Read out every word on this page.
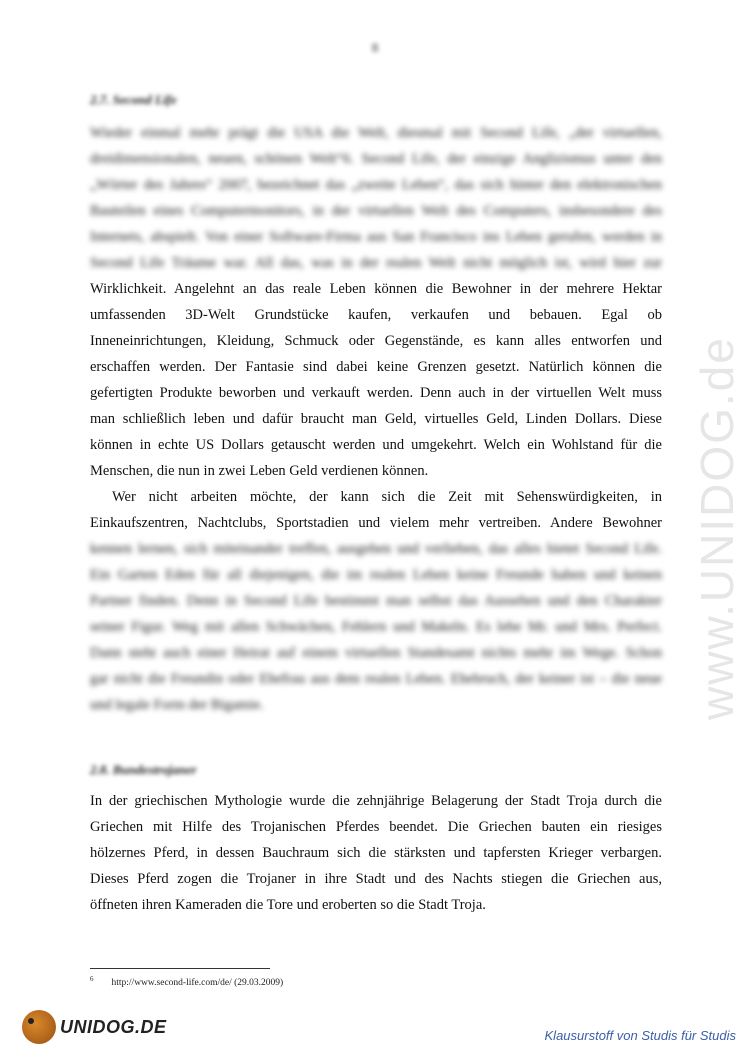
8
2.7. Second Life
Wieder einmal mehr prägt die USA die Welt, diesmal mit Second Life, „der virtuellen,
dreidimensionalen, neuen, schönen Welt“6. Second Life, der einzige Anglizismus unter den
„Wörter des Jahres“ 2007, bezeichnet das „zweite Leben“, das sich hinter den elektronischen
Bauteilen eines Computermonitors, in der virtuellen Welt des Computers, insbesondere des
Internets, abspielt. Von einer Software-Firma aus San Francisco ins Leben gerufen, werden in
Second Life Träume war. All das, was in der realen Welt nicht möglich ist, wird hier zur
Wirklichkeit. Angelehnt an das reale Leben können die Bewohner in der mehrere Hektar
umfassenden 3D-Welt Grundstücke kaufen, verkaufen und bebauen. Egal ob
Inneneinrichtungen, Kleidung, Schmuck oder Gegenstände, es kann alles entworfen und
erschaffen werden. Der Fantasie sind dabei keine Grenzen gesetzt. Natürlich können die
gefertigten Produkte beworben und verkauft werden. Denn auch in der virtuellen Welt muss
man schließlich leben und dafür braucht man Geld, virtuelles Geld, Linden Dollars. Diese
können in echte US Dollars getauscht werden und umgekehrt. Welch ein Wohlstand für die
Menschen, die nun in zwei Leben Geld verdienen können.
Wer nicht arbeiten möchte, der kann sich die Zeit mit Sehenswürdigkeiten, in
Einkaufszentren, Nachtclubs, Sportstadien und vielem mehr vertreiben. Andere Bewohner
kennen lernen, sich miteinander treffen, ausgehen und verlieben, das alles bietet Second Life.
Ein Garten Eden für all diejenigen, die im realen Leben keine Freunde haben und keinen
Partner finden. Denn in Second Life bestimmt man selbst das Aussehen und den Charakter
seiner Figur. Weg mit allen Schwächen, Fehlern und Makeln. Es lebe Mr. und Mrs. Perfect.
Dann steht auch einer Heirat auf einem virtuellen Standesamt nichts mehr im Wege. Schon
gar nicht die Freundin oder Ehefrau aus dem realen Leben. Ehebruch, der keiner ist – die neue
und legale Form der Bigamie.
2.8. Bundestrojaner
In der griechischen Mythologie wurde die zehnjährige Belagerung der Stadt Troja durch die
Griechen mit Hilfe des Trojanischen Pferdes beendet. Die Griechen bauten ein riesiges
hölzernes Pferd, in dessen Bauchraum sich die stärksten und tapfersten Krieger verbargen.
Dieses Pferd zogen die Trojaner in ihre Stadt und des Nachts stiegen die Griechen aus,
öffneten ihren Kameraden die Tore und eroberten so die Stadt Troja.
$^6$ http://www.second-life.com/de/ (29.03.2009)
www.UNIDOG.de
UNIDOG.DE	Klausurstoff von Studis für Studis
